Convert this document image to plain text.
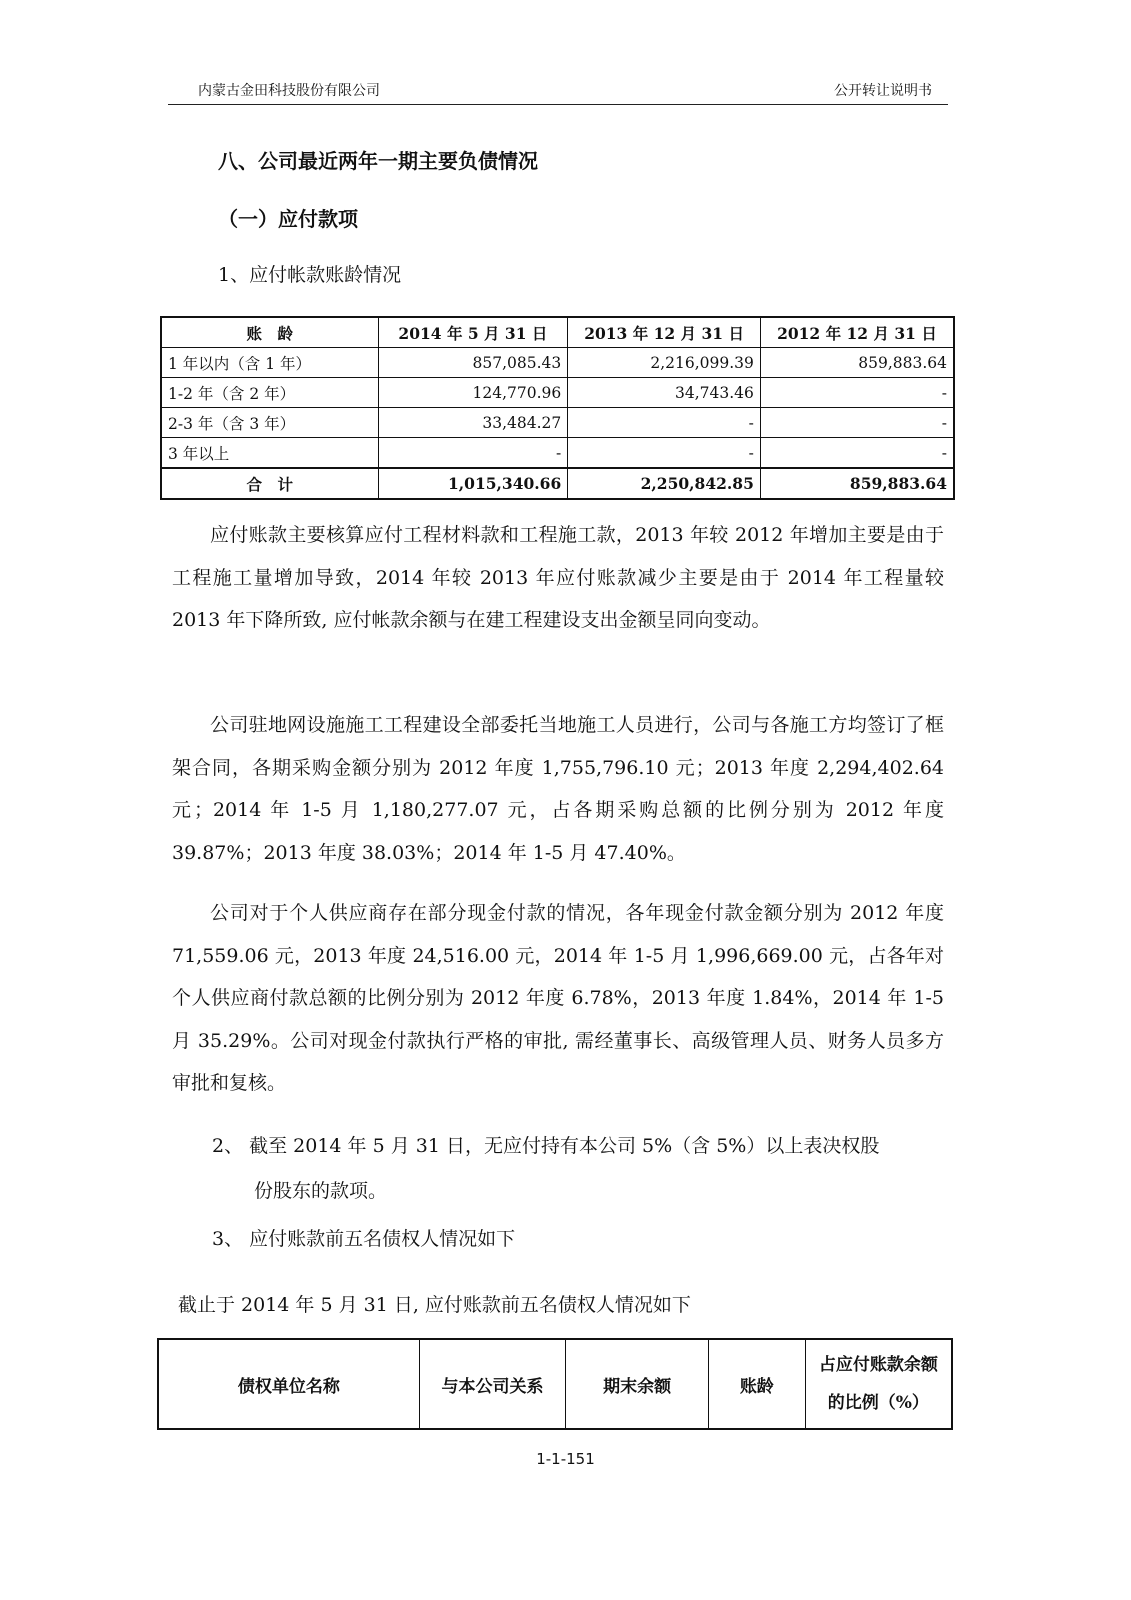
内蒙古金田科技股份有限公司	公开转让说明书
八、公司最近两年一期主要负债情况
（一）应付款项
1、应付帐款账龄情况
账　龄	2014 年 5 月 31 日	2013 年 12 月 31 日	2012 年 12 月 31 日
1 年以内（含 1 年）	857,085.43	2,216,099.39	859,883.64
1-2 年（含 2 年）	124,770.96	34,743.46	-
2-3 年（含 3 年）	33,484.27	-	-
3 年以上	-	-	-
合　计	1,015,340.66	2,250,842.85	859,883.64
应付账款主要核算应付工程材料款和工程施工款，2013 年较 2012 年增加主要是由于工程施工量增加导致，2014 年较 2013 年应付账款减少主要是由于 2014 年工程量较 2013 年下降所致, 应付帐款余额与在建工程建设支出金额呈同向变动。
公司驻地网设施施工工程建设全部委托当地施工人员进行，公司与各施工方均签订了框架合同，各期采购金额分别为 2012 年度 1,755,796.10 元；2013 年度 2,294,402.64 元；2014 年 1-5 月 1,180,277.07 元，占各期采购总额的比例分别为 2012 年度 39.87%；2013 年度 38.03%；2014 年 1-5 月 47.40%。
公司对于个人供应商存在部分现金付款的情况，各年现金付款金额分别为 2012 年度 71,559.06 元，2013 年度 24,516.00 元，2014 年 1-5 月 1,996,669.00 元，占各年对个人供应商付款总额的比例分别为 2012 年度 6.78%，2013 年度 1.84%，2014 年 1-5 月 35.29%。公司对现金付款执行严格的审批, 需经董事长、高级管理人员、财务人员多方审批和复核。
2、 截至 2014 年 5 月 31 日，无应付持有本公司 5%（含 5%）以上表决权股
份股东的款项。
3、 应付账款前五名债权人情况如下
截止于 2014 年 5 月 31 日, 应付账款前五名债权人情况如下
债权单位名称	与本公司关系	期末余额	账龄	占应付账款余额的比例（%）
1-1-151
